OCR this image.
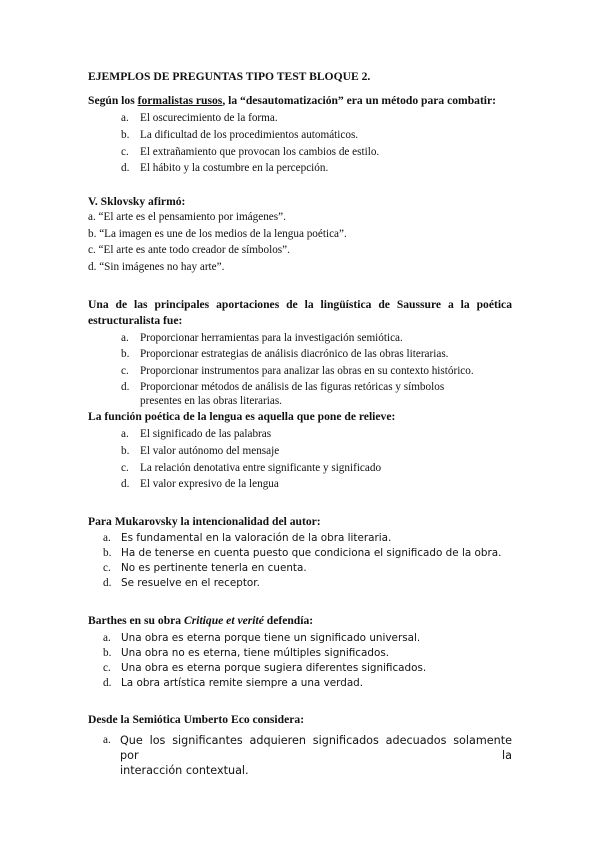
EJEMPLOS DE PREGUNTAS TIPO TEST BLOQUE 2.
Según los formalistas rusos, la “desautomatización” era un método para combatir:
a. El oscurecimiento de la forma.
b. La dificultad de los procedimientos automáticos.
c. El extrañamiento que provocan los cambios de estilo.
d. El hábito y la costumbre en la percepción.
V. Sklovsky afirmó:
a. “El arte es el pensamiento por imágenes”.
b. “La imagen es une de los medios de la lengua poética”.
c. “El arte es ante todo creador de símbolos”.
d. “Sin imágenes no hay arte”.
Una de las principales aportaciones de la lingüística de Saussure a la poética
estructuralista fue:
a. Proporcionar herramientas para la investigación semiótica.
b. Proporcionar estrategias de análisis diacrónico de las obras literarias.
c. Proporcionar instrumentos para analizar las obras en su contexto histórico.
d. Proporcionar métodos de análisis de las figuras retóricas y símbolos
presentes en las obras literarias.
La función poética de la lengua es aquella que pone de relieve:
a. El significado de las palabras
b. El valor autónomo del mensaje
c. La relación denotativa entre significante y significado
d. El valor expresivo de la lengua
Para Mukarovsky la intencionalidad del autor:
a. Es fundamental en la valoración de la obra literaria.
b. Ha de tenerse en cuenta puesto que condiciona el significado de la obra.
c. No es pertinente tenerla en cuenta.
d. Se resuelve en el receptor.
Barthes en su obra Critique et verité defendía:
a. Una obra es eterna porque tiene un significado universal.
b. Una obra no es eterna, tiene múltiples significados.
c. Una obra es eterna porque sugiera diferentes significados.
d. La obra artística remite siempre a una verdad.
Desde la Semiótica Umberto Eco considera:
a. Que los significantes adquieren significados adecuados solamente por la
interacción contextual.
